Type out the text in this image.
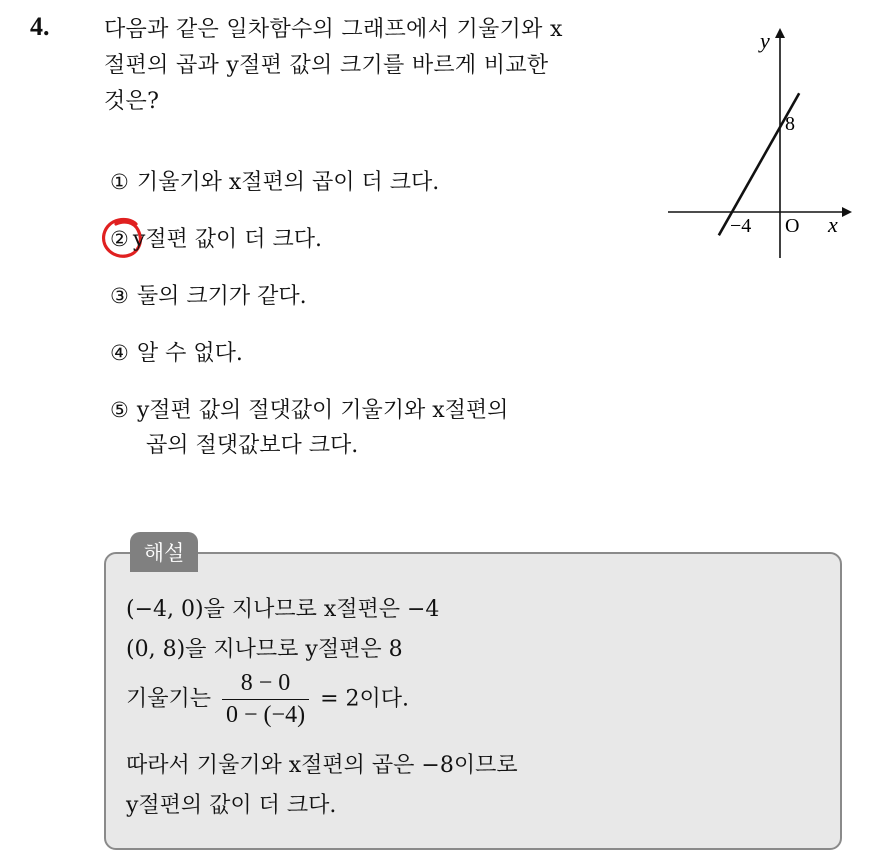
4. 다음과 같은 일차함수의 그래프에서 기울기와 x
절편의 곱과 y절편 값의 크기를 바르게 비교한
것은?
① 기울기와 x절편의 곱이 더 크다.
② y절편 값이 더 크다.
③ 둘의 크기가 같다.
④ 알 수 없다.
⑤ y절편 값의 절댓값이 기울기와 x절편의
곱의 절댓값보다 크다.
y
x
O
8
−4
해설
(−4, 0)을 지나므로 x절편은 −4
(0, 8)을 지나므로 y절편은 8
기울기는 $\frac{8 - 0}{0 - (-4)} = 2$이다.
따라서 기울기와 x절편의 곱은 −8이므로
y절편의 값이 더 크다.
